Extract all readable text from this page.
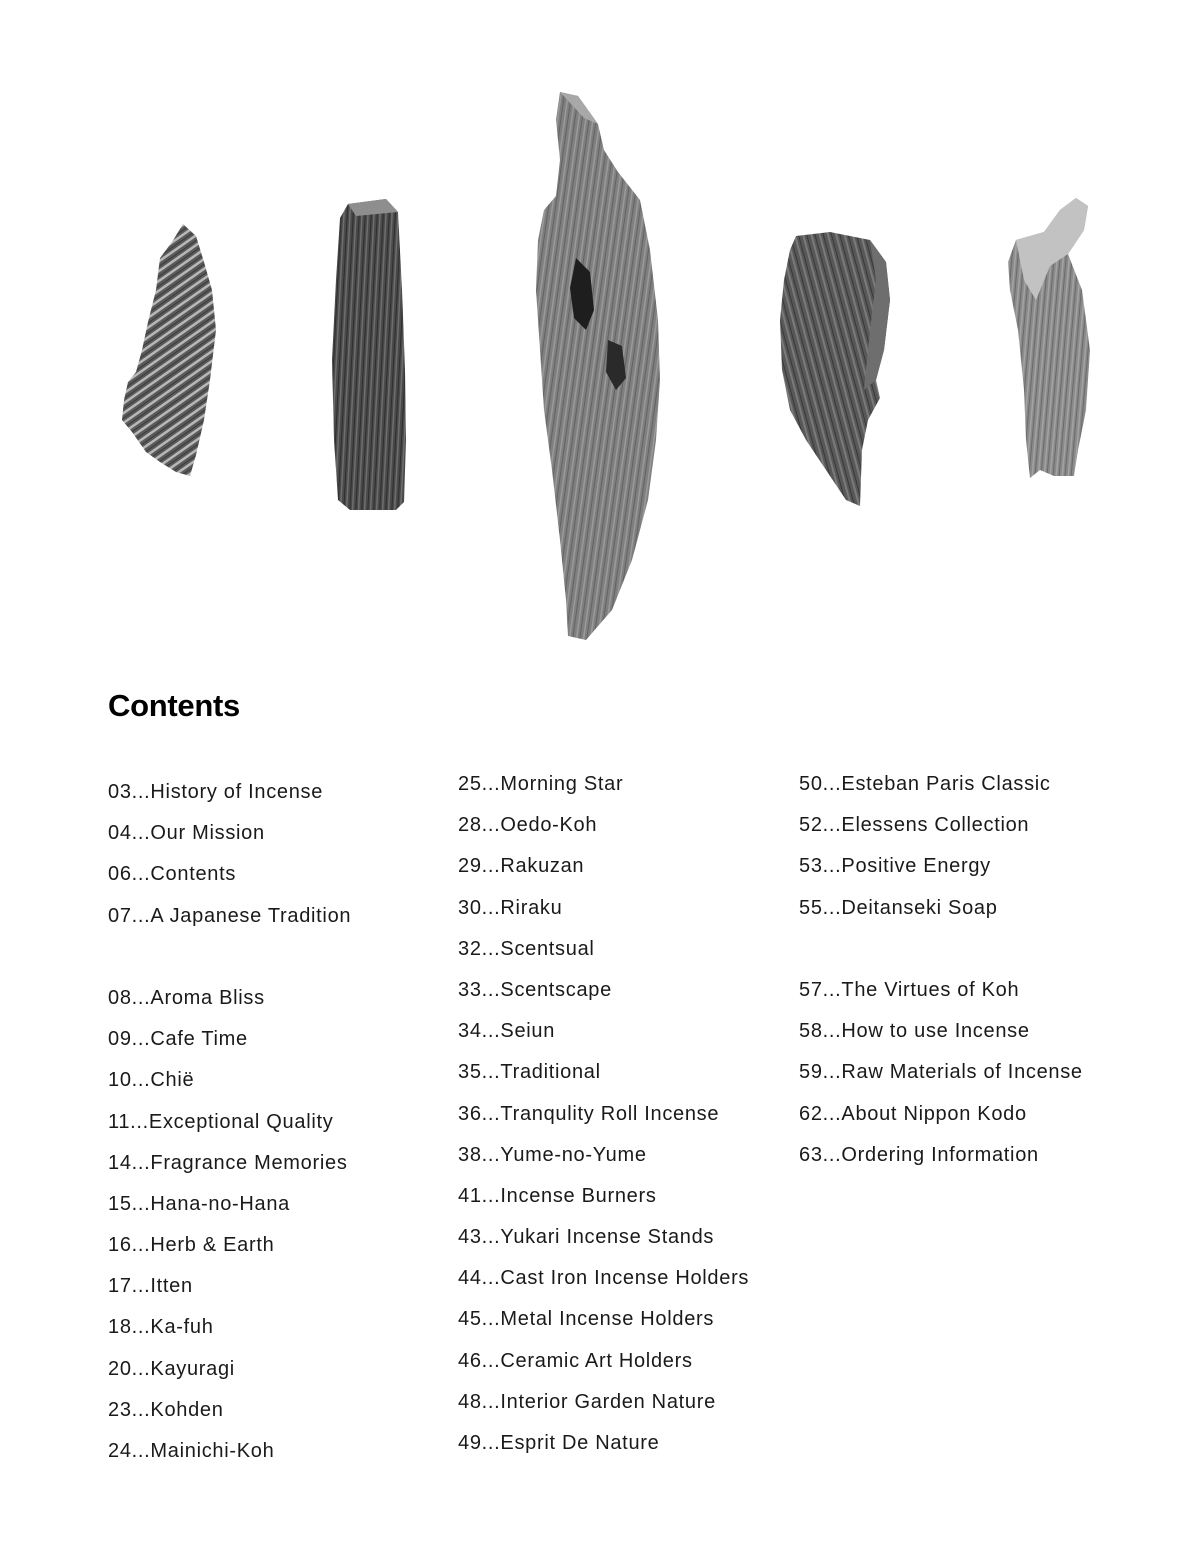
Contents
03...History of Incense
04...Our Mission
06...Contents
07...A Japanese Tradition
08...Aroma Bliss
09...Cafe Time
10...Chië
11...Exceptional Quality
14...Fragrance Memories
15...Hana-no-Hana
16...Herb & Earth
17...Itten
18...Ka-fuh
20...Kayuragi
23...Kohden
24...Mainichi-Koh
25...Morning Star
28...Oedo-Koh
29...Rakuzan
30...Riraku
32...Scentsual
33...Scentscape
34...Seiun
35...Traditional
36...Tranqulity Roll Incense
38...Yume-no-Yume
41...Incense Burners
43...Yukari Incense Stands
44...Cast Iron Incense Holders
45...Metal Incense Holders
46...Ceramic Art Holders
48...Interior Garden Nature
49...Esprit De Nature
50...Esteban Paris Classic
52...Elessens Collection
53...Positive Energy
55...Deitanseki Soap
57...The Virtues of Koh
58...How to use Incense
59...Raw Materials of Incense
62...About Nippon Kodo
63...Ordering Information
